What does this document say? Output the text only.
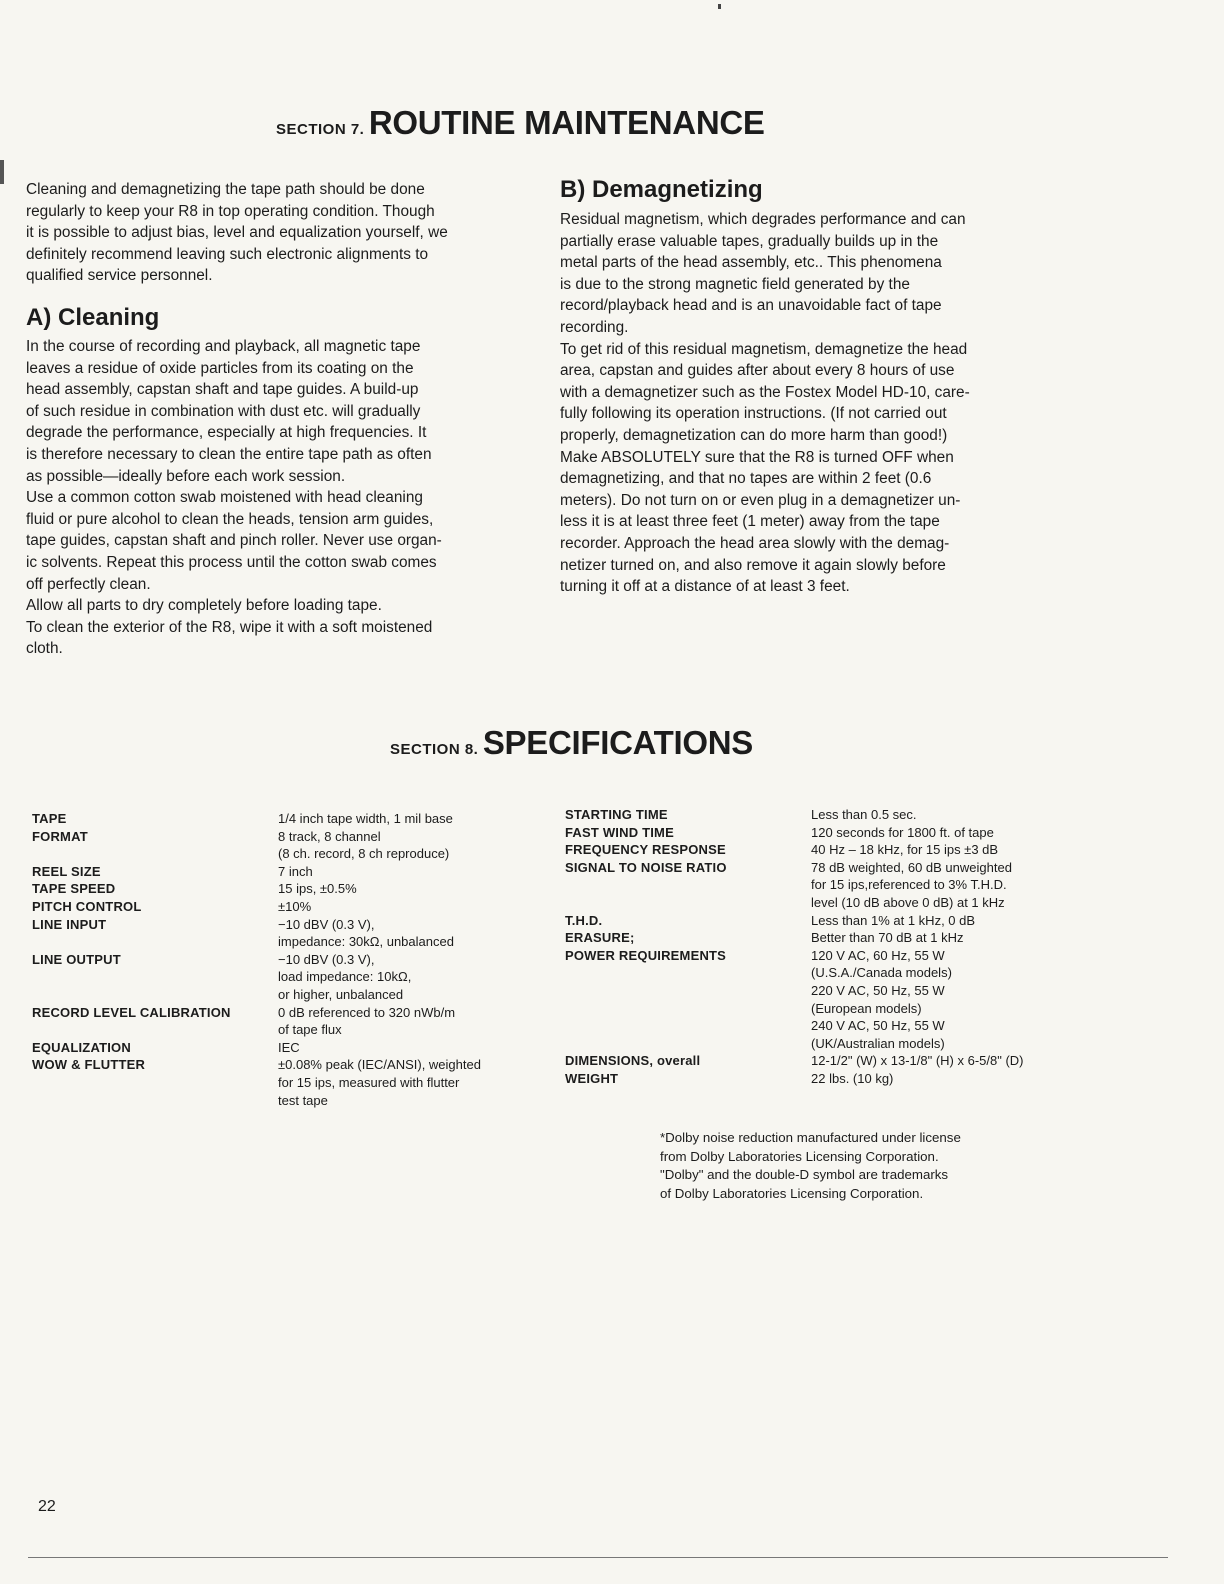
SECTION 7. ROUTINE MAINTENANCE
Cleaning and demagnetizing the tape path should be done
regularly to keep your R8 in top operating condition. Though
it is possible to adjust bias, level and equalization yourself, we
definitely recommend leaving such electronic alignments to
qualified service personnel.
A) Cleaning
In the course of recording and playback, all magnetic tape
leaves a residue of oxide particles from its coating on the
head assembly, capstan shaft and tape guides. A build-up
of such residue in combination with dust etc. will gradually
degrade the performance, especially at high frequencies. It
is therefore necessary to clean the entire tape path as often
as possible—ideally before each work session.
Use a common cotton swab moistened with head cleaning
fluid or pure alcohol to clean the heads, tension arm guides,
tape guides, capstan shaft and pinch roller. Never use organ-
ic solvents. Repeat this process until the cotton swab comes
off perfectly clean.
Allow all parts to dry completely before loading tape.
To clean the exterior of the R8, wipe it with a soft moistened
cloth.
B) Demagnetizing
Residual magnetism, which degrades performance and can
partially erase valuable tapes, gradually builds up in the
metal parts of the head assembly, etc.. This phenomena
is due to the strong magnetic field generated by the
record/playback head and is an unavoidable fact of tape
recording.
To get rid of this residual magnetism, demagnetize the head
area, capstan and guides after about every 8 hours of use
with a demagnetizer such as the Fostex Model HD-10, care-
fully following its operation instructions. (If not carried out
properly, demagnetization can do more harm than good!)
Make ABSOLUTELY sure that the R8 is turned OFF when
demagnetizing, and that no tapes are within 2 feet (0.6
meters). Do not turn on or even plug in a demagnetizer un-
less it is at least three feet (1 meter) away from the tape
recorder. Approach the head area slowly with the demag-
netizer turned on, and also remove it again slowly before
turning it off at a distance of at least 3 feet.
SECTION 8. SPECIFICATIONS
TAPE
FORMAT
REEL SIZE
TAPE SPEED
PITCH CONTROL
LINE INPUT
LINE OUTPUT
RECORD LEVEL CALIBRATION
EQUALIZATION
WOW & FLUTTER
1/4 inch tape width, 1 mil base
8 track, 8 channel
(8 ch. record, 8 ch reproduce)
7 inch
15 ips, ±0.5%
±10%
−10 dBV (0.3 V),
impedance: 30kΩ, unbalanced
−10 dBV (0.3 V),
load impedance: 10kΩ,
or higher, unbalanced
0 dB referenced to 320 nWb/m
of tape flux
IEC
±0.08% peak (IEC/ANSI), weighted
for 15 ips, measured with flutter
test tape
STARTING TIME
FAST WIND TIME
FREQUENCY RESPONSE
SIGNAL TO NOISE RATIO
T.H.D.
ERASURE;
POWER REQUIREMENTS
DIMENSIONS, overall
WEIGHT
Less than 0.5 sec.
120 seconds for 1800 ft. of tape
40 Hz – 18 kHz, for 15 ips ±3 dB
78 dB weighted, 60 dB unweighted
for 15 ips,referenced to 3% T.H.D.
level (10 dB above 0 dB) at 1 kHz
Less than 1% at 1 kHz, 0 dB
Better than 70 dB at 1 kHz
120 V AC, 60 Hz, 55 W
(U.S.A./Canada models)
220 V AC, 50 Hz, 55 W
(European models)
240 V AC, 50 Hz, 55 W
(UK/Australian models)
12-1/2" (W) x 13-1/8" (H) x 6-5/8" (D)
22 lbs. (10 kg)
*Dolby noise reduction manufactured under license
from Dolby Laboratories Licensing Corporation.
"Dolby" and the double-D symbol are trademarks
of Dolby Laboratories Licensing Corporation.
22
